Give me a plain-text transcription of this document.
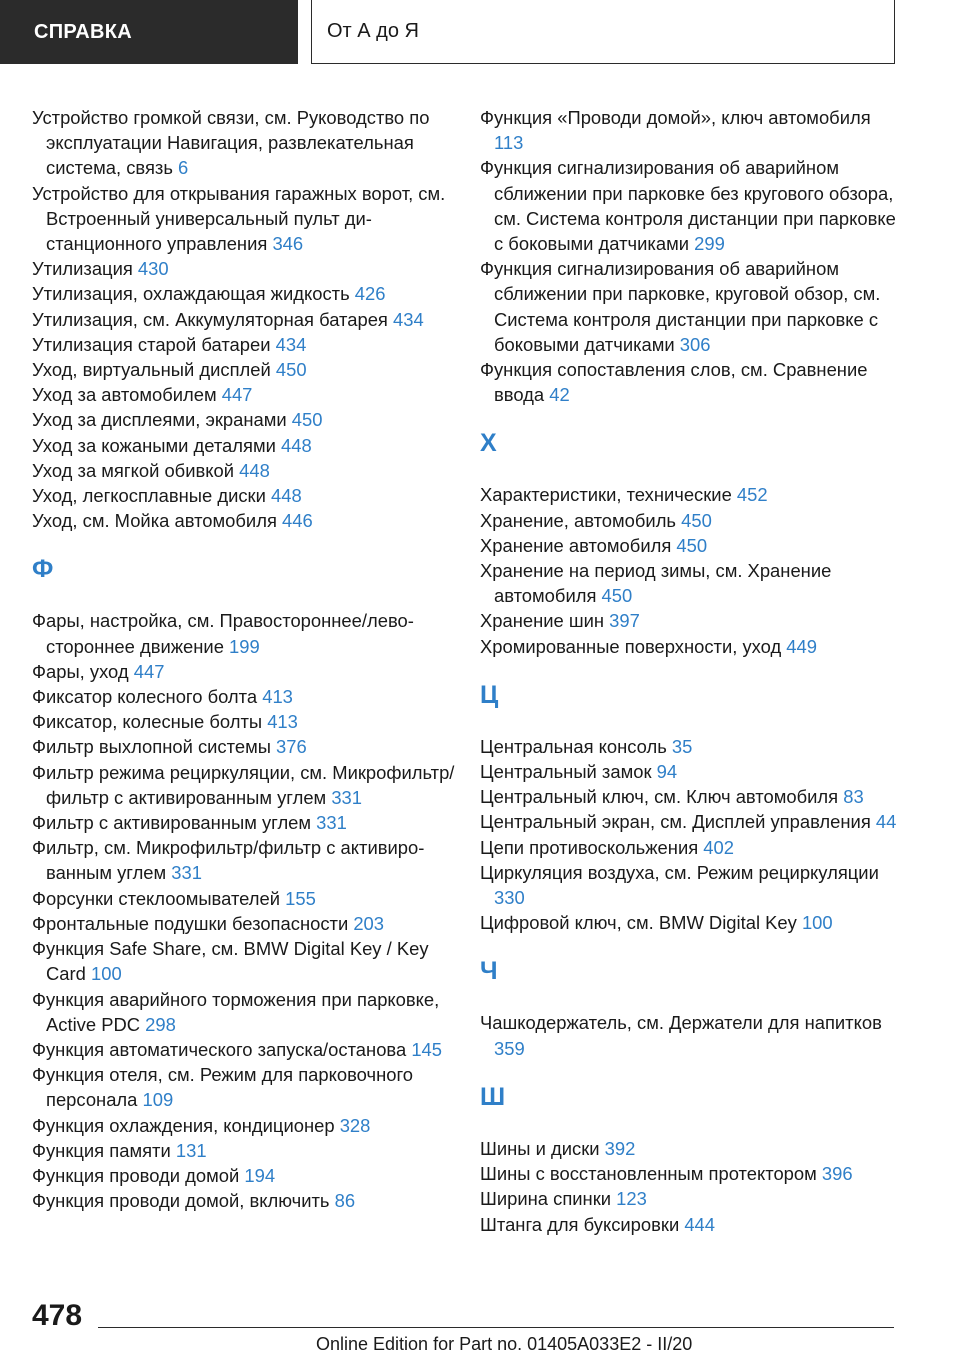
СПРАВКА	От А до Я
Устройство громкой связи, см. Руководство по эксплуатации Навигация, развлекательная система, связь 6
Устройство для открывания гаражных ворот, см. Встроенный универсальный пульт дистанционного управления 346
Утилизация 430
Утилизация, охлаждающая жидкость 426
Утилизация, см. Аккумуляторная батарея 434
Утилизация старой батареи 434
Уход, виртуальный дисплей 450
Уход за автомобилем 447
Уход за дисплеями, экранами 450
Уход за кожаными деталями 448
Уход за мягкой обивкой 448
Уход, легкосплавные диски 448
Уход, см. Мойка автомобиля 446
Ф
Фары, настройка, см. Правостороннее/левостороннее движение 199
Фары, уход 447
Фиксатор колесного болта 413
Фиксатор, колесные болты 413
Фильтр выхлопной системы 376
Фильтр режима рециркуляции, см. Микрофильтр/фильтр с активированным углем 331
Фильтр с активированным углем 331
Фильтр, см. Микрофильтр/фильтр с активированным углем 331
Форсунки стеклоомывателей 155
Фронтальные подушки безопасности 203
Функция Safe Share, см. BMW Digital Key / Key Card 100
Функция аварийного торможения при парковке, Active PDC 298
Функция автоматического запуска/останова 145
Функция отеля, см. Режим для парковочного персонала 109
Функция охлаждения, кондиционер 328
Функция памяти 131
Функция проводи домой 194
Функция проводи домой, включить 86
Функция «Проводи домой», ключ автомобиля 113
Функция сигнализирования об аварийном сближении при парковке без кругового обзора, см. Система контроля дистанции при парковке с боковыми датчиками 299
Функция сигнализирования об аварийном сближении при парковке, круговой обзор, см. Система контроля дистанции при парковке с боковыми датчиками 306
Функция сопоставления слов, см. Сравнение ввода 42
Х
Характеристики, технические 452
Хранение, автомобиль 450
Хранение автомобиля 450
Хранение на период зимы, см. Хранение автомобиля 450
Хранение шин 397
Хромированные поверхности, уход 449
Ц
Центральная консоль 35
Центральный замок 94
Центральный ключ, см. Ключ автомобиля 83
Центральный экран, см. Дисплей управления 44
Цепи противоскольжения 402
Циркуляция воздуха, см. Режим рециркуляции 330
Цифровой ключ, см. BMW Digital Key 100
Ч
Чашкодержатель, см. Держатели для напитков 359
Ш
Шины и диски 392
Шины с восстановленным протектором 396
Ширина спинки 123
Штанга для буксировки 444
478
Online Edition for Part no. 01405A033E2 - II/20
